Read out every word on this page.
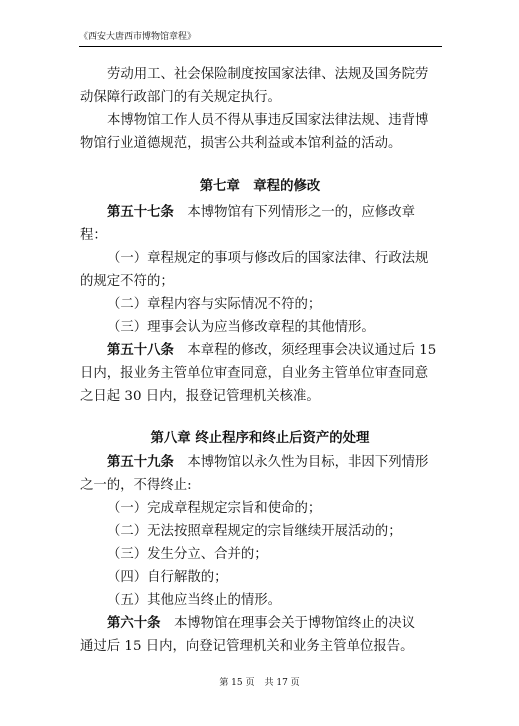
《西安大唐西市博物馆章程》
劳动用工、社会保险制度按国家法律、法规及国务院劳
动保障行政部门的有关规定执行。
本博物馆工作人员不得从事违反国家法律法规、违背博
物馆行业道德规范，损害公共利益或本馆利益的活动。
第七章　章程的修改
第五十七条　本博物馆有下列情形之一的，应修改章
程：
（一）章程规定的事项与修改后的国家法律、行政法规
的规定不符的；
（二）章程内容与实际情况不符的；
（三）理事会认为应当修改章程的其他情形。
第五十八条　本章程的修改，须经理事会决议通过后 15
日内，报业务主管单位审查同意，自业务主管单位审查同意
之日起 30 日内，报登记管理机关核准。
第八章 终止程序和终止后资产的处理
第五十九条　本博物馆以永久性为目标，非因下列情形
之一的，不得终止:
（一）完成章程规定宗旨和使命的；
（二）无法按照章程规定的宗旨继续开展活动的；
（三）发生分立、合并的；
（四）自行解散的；
（五）其他应当终止的情形。
第六十条　本博物馆在理事会关于博物馆终止的决议
通过后 15 日内，向登记管理机关和业务主管单位报告。
第 15 页 共 17 页
